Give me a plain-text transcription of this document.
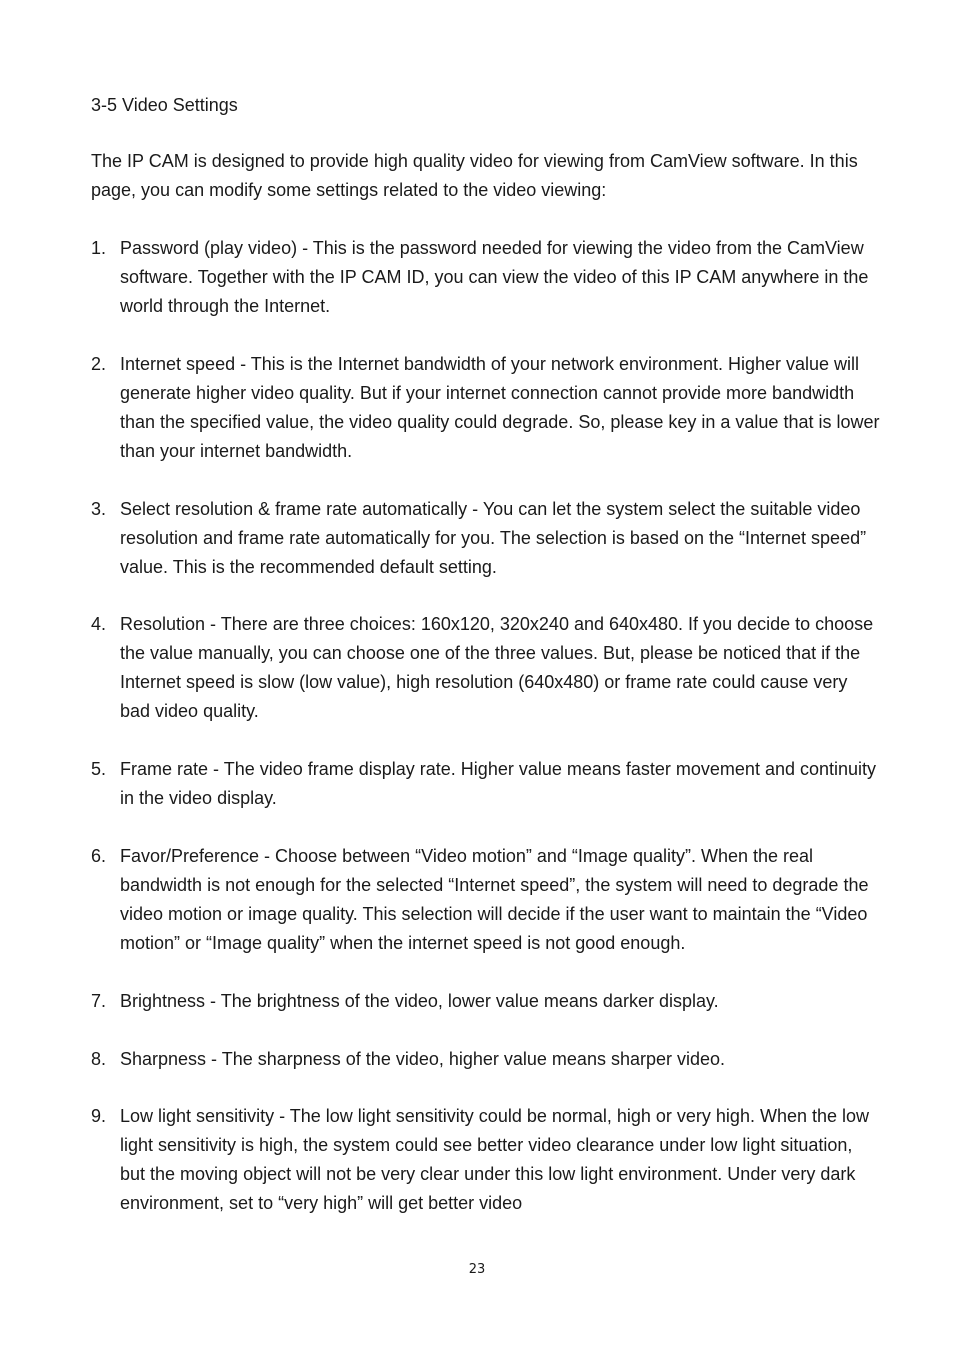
3-5 Video Settings

The IP CAM is designed to provide high quality video for viewing from CamView software. In this page, you can modify some settings related to the video viewing:

1. Password (play video) - This is the password needed for viewing the video from the CamView software. Together with the IP CAM ID, you can view the video of this IP CAM anywhere in the world through the Internet.
2. Internet speed - This is the Internet bandwidth of your network environment. Higher value will generate higher video quality. But if your internet connection cannot provide more bandwidth than the specified value, the video quality could degrade. So, please key in a value that is lower than your internet bandwidth.
3. Select resolution & frame rate automatically - You can let the system select the suitable video resolution and frame rate automatically for you. The selection is based on the “Internet speed” value. This is the recommended default setting.
4. Resolution - There are three choices: 160x120, 320x240 and 640x480. If you decide to choose the value manually, you can choose one of the three values. But, please be noticed that if the Internet speed is slow (low value), high resolution (640x480) or frame rate could cause very bad video quality.
5. Frame rate - The video frame display rate. Higher value means faster movement and continuity in the video display.
6. Favor/Preference - Choose between “Video motion” and “Image quality”. When the real bandwidth is not enough for the selected “Internet speed”, the system will need to degrade the video motion or image quality. This selection will decide if the user want to maintain the “Video motion” or “Image quality” when the internet speed is not good enough.
7. Brightness - The brightness of the video, lower value means darker display.
8. Sharpness - The sharpness of the video, higher value means sharper video.
9. Low light sensitivity - The low light sensitivity could be normal, high or very high. When the low light sensitivity is high, the system could see better video clearance under low light situation, but the moving object will not be very clear under this low light environment. Under very dark environment, set to “very high” will get better video
23
